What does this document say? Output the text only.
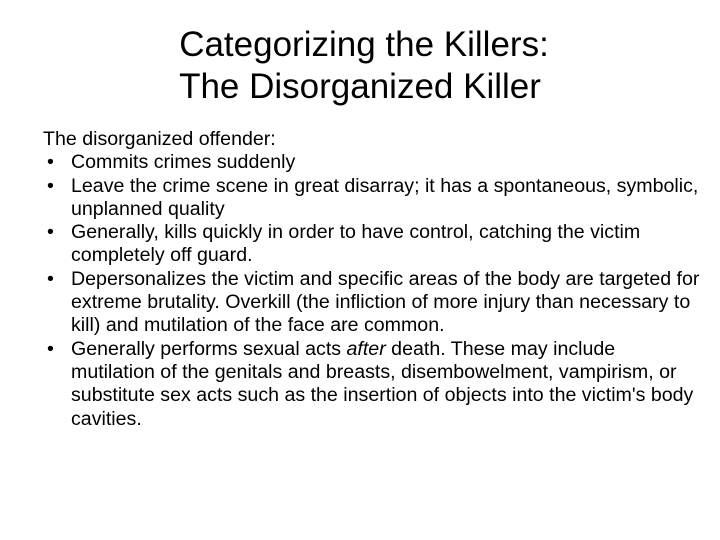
Categorizing the Killers:
The Disorganized Killer

The disorganized offender:

• Commits crimes suddenly
• Leave the crime scene in great disarray; it has a spontaneous, symbolic, unplanned quality
• Generally, kills quickly in order to have control, catching the victim completely off guard.
• Depersonalizes the victim and specific areas of the body are targeted for extreme brutality. Overkill (the infliction of more injury than necessary to kill) and mutilation of the face are common.
• Generally performs sexual acts after death. These may include mutilation of the genitals and breasts, disembowelment, vampirism, or substitute sex acts such as the insertion of objects into the victim's body cavities.
